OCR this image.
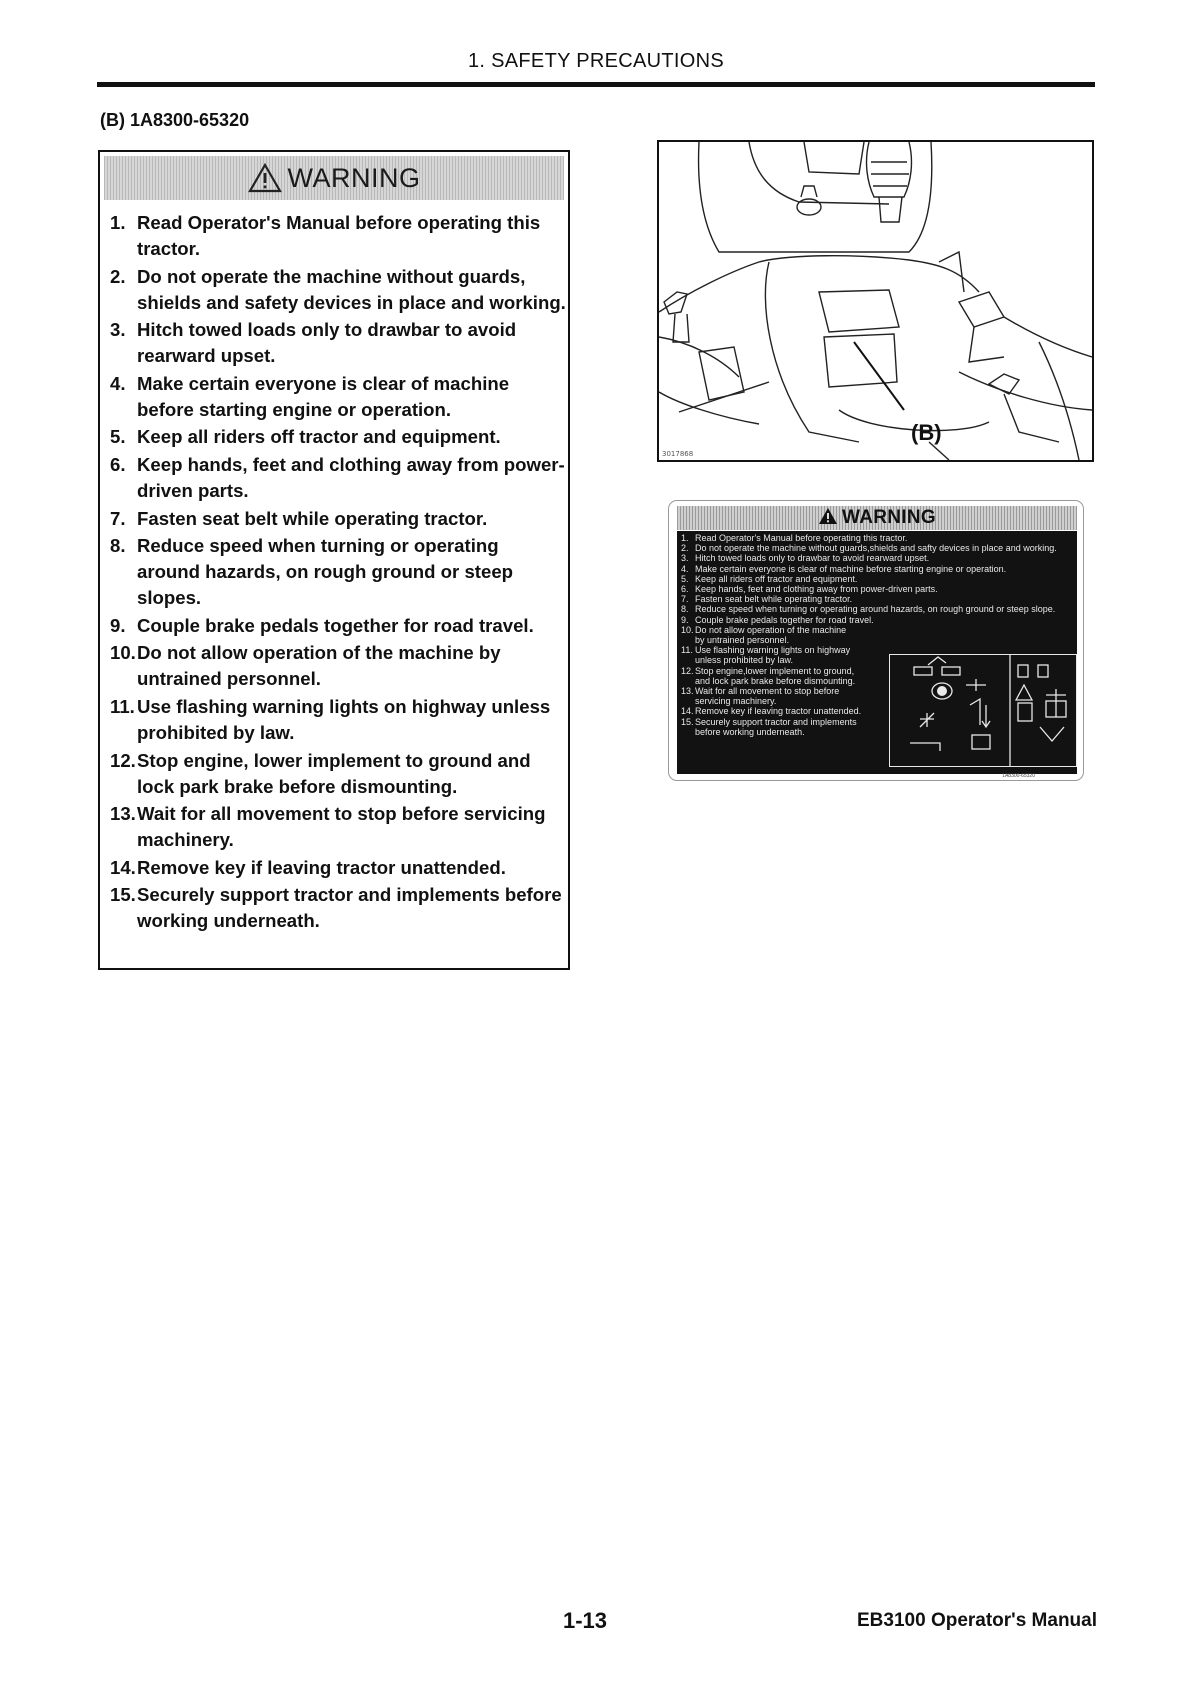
1. SAFETY PRECAUTIONS
(B) 1A8300-65320
WARNING
1. Read Operator's Manual before operating this tractor.
2. Do not operate the machine without guards, shields and safety devices in place and working.
3. Hitch towed loads only to drawbar to avoid rearward upset.
4. Make certain everyone is clear of machine before starting engine or operation.
5. Keep all riders off tractor and equipment.
6. Keep hands, feet and clothing away from power-driven parts.
7. Fasten seat belt while operating tractor.
8. Reduce speed when turning or operating around hazards, on rough ground or steep slopes.
9. Couple brake pedals together for road travel.
10. Do not allow operation of the machine by untrained personnel.
11. Use flashing warning lights on highway unless prohibited by law.
12. Stop engine, lower implement to ground and lock park brake before dismounting.
13. Wait for all movement to stop before servicing machinery.
14. Remove key if leaving tractor unattended.
15. Securely support tractor and implements before working underneath.
(B)
3017868
WARNING
1. Read Operator's Manual before operating this tractor.
2. Do not operate the machine without guards,shields and safty devices in place and working.
3. Hitch towed loads only to drawbar to avoid rearward upset.
4. Make certain everyone is clear of machine before starting engine or operation.
5. Keep all riders off tractor and equipment.
6. Keep hands, feet and clothing away from power-driven parts.
7. Fasten seat belt while operating tractor.
8. Reduce speed when turning or operating around hazards, on rough ground or steep slope.
9. Couple brake pedals together for road travel.
10.Do not allow operation of the machine
by untrained personnel.
11. Use flashing warning lights on highway
unless prohibited by law.
12.Stop engine,lower implement to ground,
and lock park brake before dismounting.
13.Wait for all movement to stop before
servicing machinery.
14.Remove key if leaving tractor unattended.
15.Securely support tractor and implements
before working underneath.
1A8300-65320
1-13	EB3100 Operator's Manual
